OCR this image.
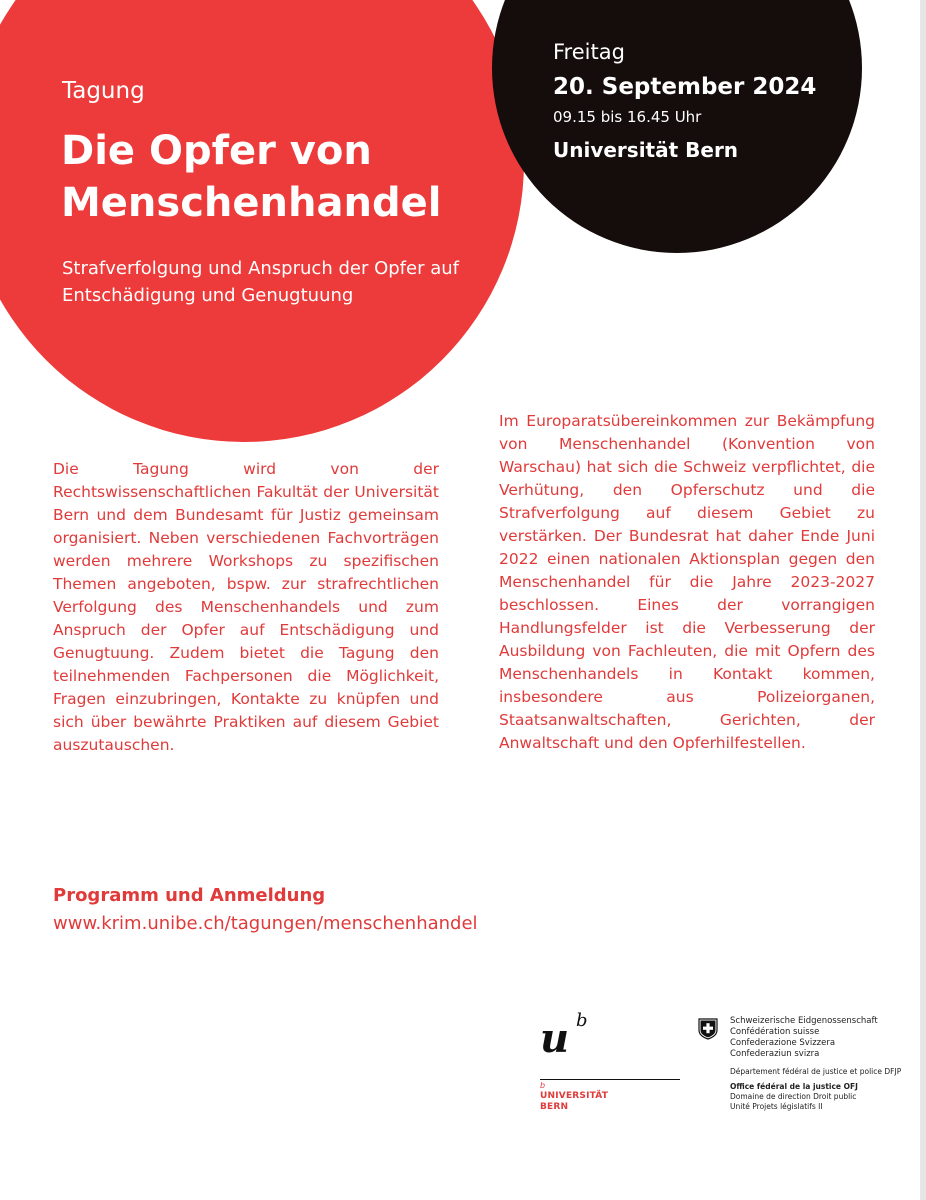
Tagung
Die Opfer von Menschenhandel
Strafverfolgung und Anspruch der Opfer auf Entschädigung und Genugtuung
Freitag
20. September 2024
09.15 bis 16.45 Uhr
Universität Bern
Die Tagung wird von der Rechtswissenschaftlichen Fakultät der Universität Bern und dem Bundesamt für Justiz gemeinsam organisiert. Neben verschiedenen Fachvorträgen werden mehrere Workshops zu spezifischen Themen angeboten, bspw. zur strafrechtlichen Verfolgung des Menschenhandels und zum Anspruch der Opfer auf Entschädigung und Genugtuung. Zudem bietet die Tagung den teilnehmenden Fachpersonen die Möglichkeit, Fragen einzubringen, Kontakte zu knüpfen und sich über bewährte Praktiken auf diesem Gebiet auszutauschen.
Im Europaratsübereinkommen zur Bekämpfung von Menschenhandel (Konvention von Warschau) hat sich die Schweiz verpflichtet, die Verhütung, den Opferschutz und die Strafverfolgung auf diesem Gebiet zu verstärken. Der Bundesrat hat daher Ende Juni 2022 einen nationalen Aktionsplan gegen den Menschenhandel für die Jahre 2023-2027 beschlossen. Eines der vorrangigen Handlungsfelder ist die Verbesserung der Ausbildung von Fachleuten, die mit Opfern des Menschenhandels in Kontakt kommen, insbesondere aus Polizeiorganen, Staatsanwaltschaften, Gerichten, der Anwaltschaft und den Opferhilfestellen.
Programm und Anmeldung
www.krim.unibe.ch/tagungen/menschenhandel
u b
b
UNIVERSITÄT
BERN
Schweizerische Eidgenossenschaft
Confédération suisse
Confederazione Svizzera
Confederaziun svizra
Département fédéral de justice et police DFJP
Office fédéral de la justice OFJ
Domaine de direction Droit public
Unité Projets législatifs II
